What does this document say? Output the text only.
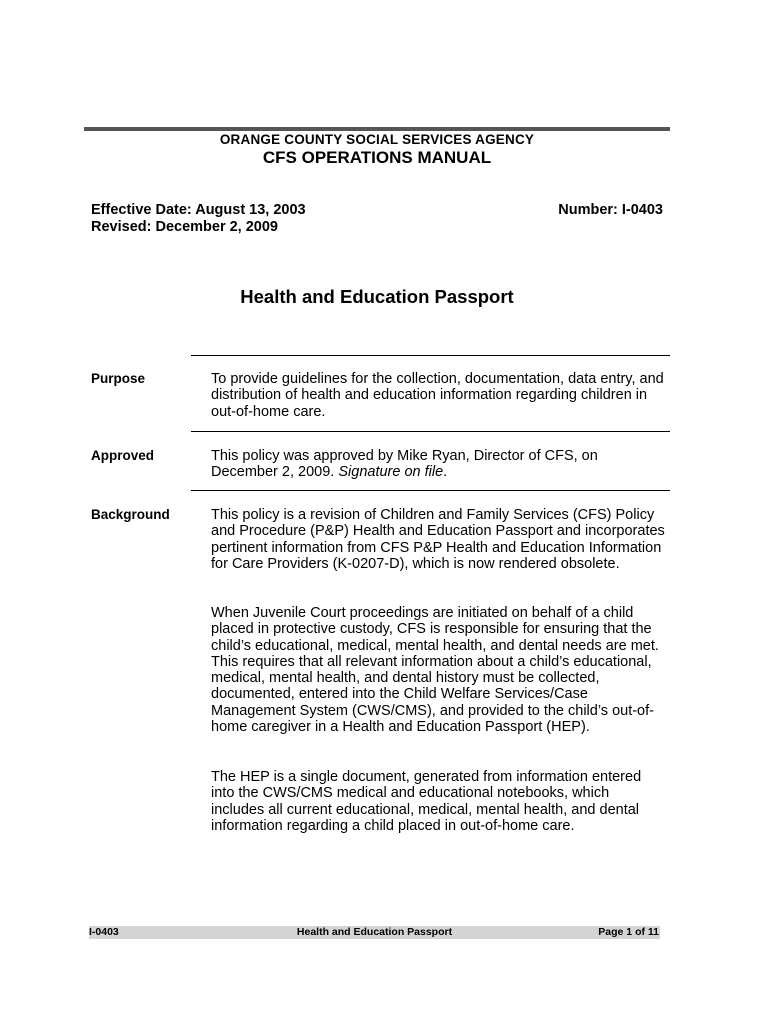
ORANGE COUNTY SOCIAL SERVICES AGENCY
CFS OPERATIONS MANUAL
Effective Date: August 13, 2003
Revised: December 2, 2009
Number: I-0403
Health and Education Passport
Purpose	To provide guidelines for the collection, documentation, data entry, and distribution of health and education information regarding children in out-of-home care.
Approved	This policy was approved by Mike Ryan, Director of CFS, on December 2, 2009. Signature on file.
Background	This policy is a revision of Children and Family Services (CFS) Policy and Procedure (P&P) Health and Education Passport and incorporates pertinent information from CFS P&P Health and Education Information for Care Providers (K-0207-D), which is now rendered obsolete.
When Juvenile Court proceedings are initiated on behalf of a child placed in protective custody, CFS is responsible for ensuring that the child’s educational, medical, mental health, and dental needs are met. This requires that all relevant information about a child’s educational, medical, mental health, and dental history must be collected, documented, entered into the Child Welfare Services/Case Management System (CWS/CMS), and provided to the child’s out-of-home caregiver in a Health and Education Passport (HEP).
The HEP is a single document, generated from information entered into the CWS/CMS medical and educational notebooks, which includes all current educational, medical, mental health, and dental information regarding a child placed in out-of-home care.
I-0403	Health and Education Passport	Page 1 of 11
